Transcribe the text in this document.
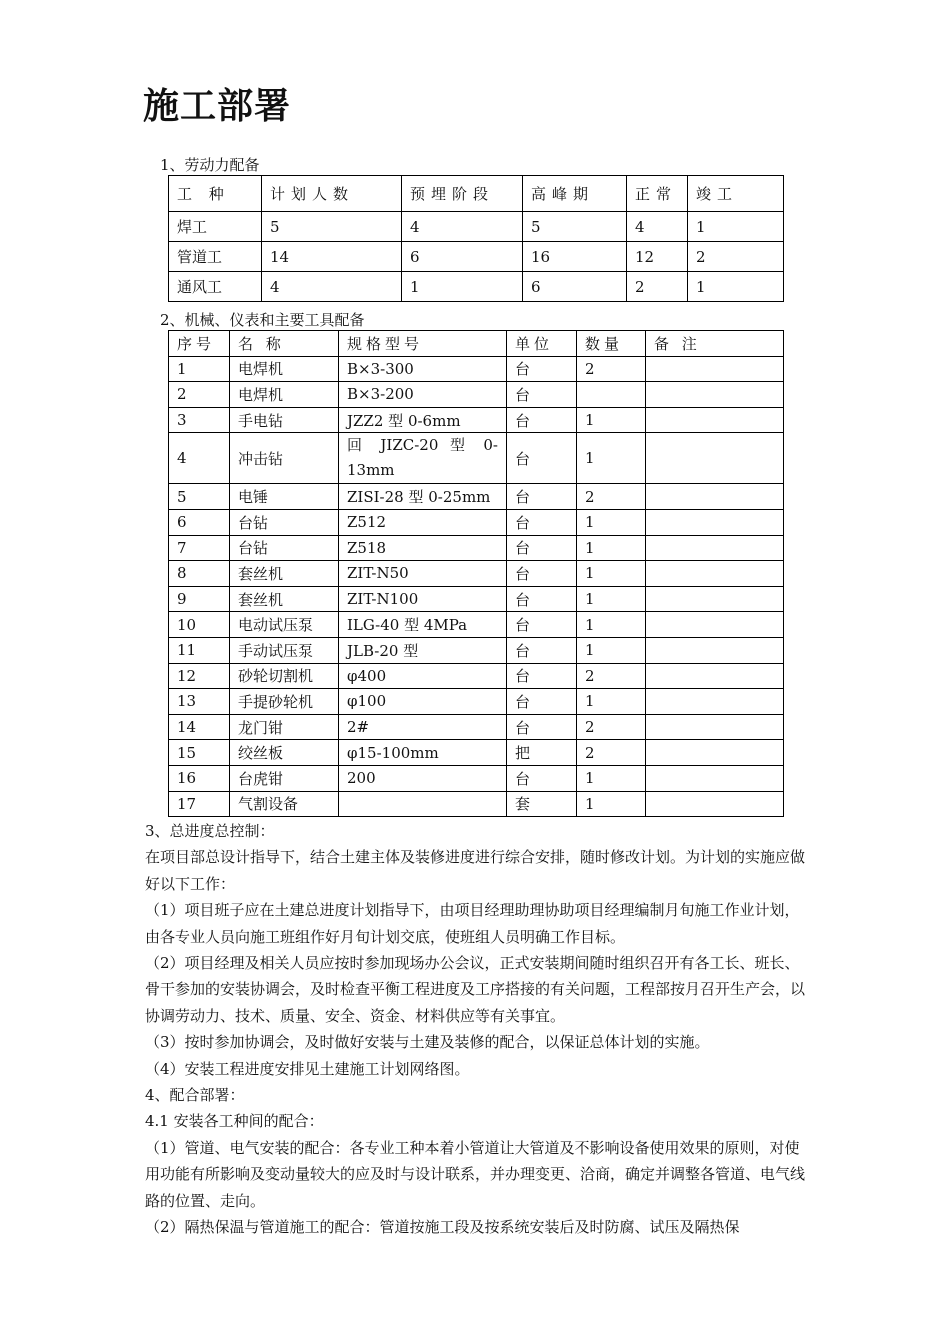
施工部署
1、劳动力配备
工 种	计划人数	预埋阶段	高峰期	正常	竣工
焊工	5	4	5	4	1
管道工	14	6	16	12	2
通风工	4	1	6	2	1
2、机械、仪表和主要工具配备
序号	名 称	规格型号	单位	数量	备 注
1	电焊机	B×3-300	台	2	
2	电焊机	B×3-200	台		
3	手电钻	JZZ2 型 0-6mm	台	1	
4	冲击钻	回 JIZC-20 型 0-13mm	台	1	
5	电锤	ZISI-28 型 0-25mm	台	2	
6	台钻	Z512	台	1	
7	台钻	Z518	台	1	
8	套丝机	ZIT-N50	台	1	
9	套丝机	ZIT-N100	台	1	
10	电动试压泵	ILG-40 型 4MPa	台	1	
11	手动试压泵	JLB-20 型	台	1	
12	砂轮切割机	φ400	台	2	
13	手提砂轮机	φ100	台	1	
14	龙门钳	2#	台	2	
15	绞丝板	φ15-100mm	把	2	
16	台虎钳	200	台	1	
17	气割设备		套	1	

3、总进度总控制：

在项目部总设计指导下，结合土建主体及装修进度进行综合安排，随时修改计划。为计划的实施应做好以下工作：

（1）项目班子应在土建总进度计划指导下，由项目经理助理协助项目经理编制月旬施工作业计划，由各专业人员向施工班组作好月旬计划交底，使班组人员明确工作目标。

（2）项目经理及相关人员应按时参加现场办公会议，正式安装期间随时组织召开有各工长、班长、骨干参加的安装协调会，及时检查平衡工程进度及工序搭接的有关问题，工程部按月召开生产会，以协调劳动力、技术、质量、安全、资金、材料供应等有关事宜。

（3）按时参加协调会，及时做好安装与土建及装修的配合，以保证总体计划的实施。

（4）安装工程进度安排见土建施工计划网络图。

4、配合部署：

4.1 安装各工种间的配合：

（1）管道、电气安装的配合：各专业工种本着小管道让大管道及不影响设备使用效果的原则，对使用功能有所影响及变动量较大的应及时与设计联系，并办理变更、洽商，确定并调整各管道、电气线路的位置、走向。

（2）隔热保温与管道施工的配合：管道按施工段及按系统安装后及时防腐、试压及隔热保
